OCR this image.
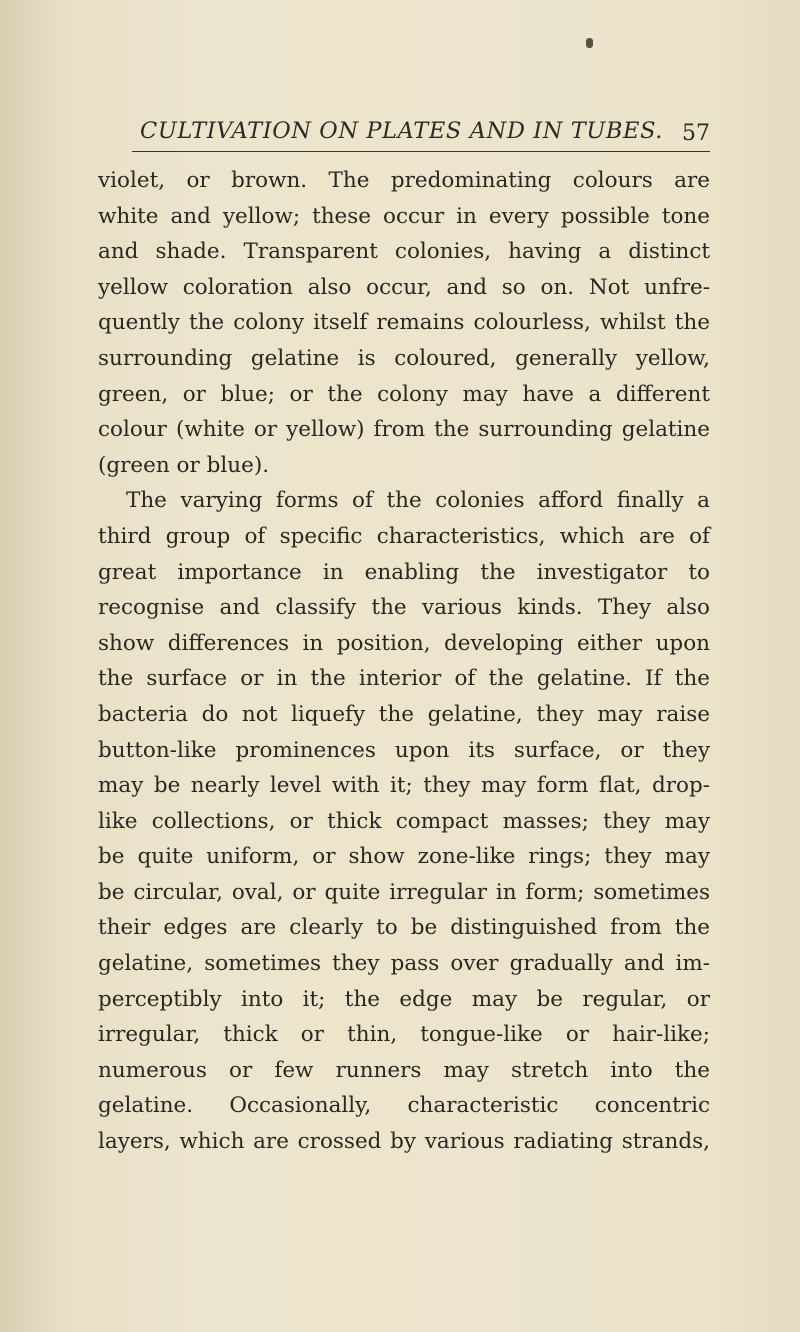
CULTIVATION ON PLATES AND IN TUBES. 57
violet, or brown. The predominating colours are
white and yellow; these occur in every possible tone
and shade. Transparent colonies, having a distinct
yellow coloration also occur, and so on. Not unfre-
quently the colony itself remains colourless, whilst the
surrounding gelatine is coloured, generally yellow,
green, or blue; or the colony may have a different
colour (white or yellow) from the surrounding gelatine
(green or blue).
The varying forms of the colonies afford finally a
third group of specific characteristics, which are of
great importance in enabling the investigator to
recognise and classify the various kinds. They also
show differences in position, developing either upon
the surface or in the interior of the gelatine. If the
bacteria do not liquefy the gelatine, they may raise
button-like prominences upon its surface, or they
may be nearly level with it; they may form flat, drop-
like collections, or thick compact masses; they may
be quite uniform, or show zone-like rings; they may
be circular, oval, or quite irregular in form; sometimes
their edges are clearly to be distinguished from the
gelatine, sometimes they pass over gradually and im-
perceptibly into it; the edge may be regular, or
irregular, thick or thin, tongue-like or hair-like;
numerous or few runners may stretch into the
gelatine. Occasionally, characteristic concentric
layers, which are crossed by various radiating strands,
